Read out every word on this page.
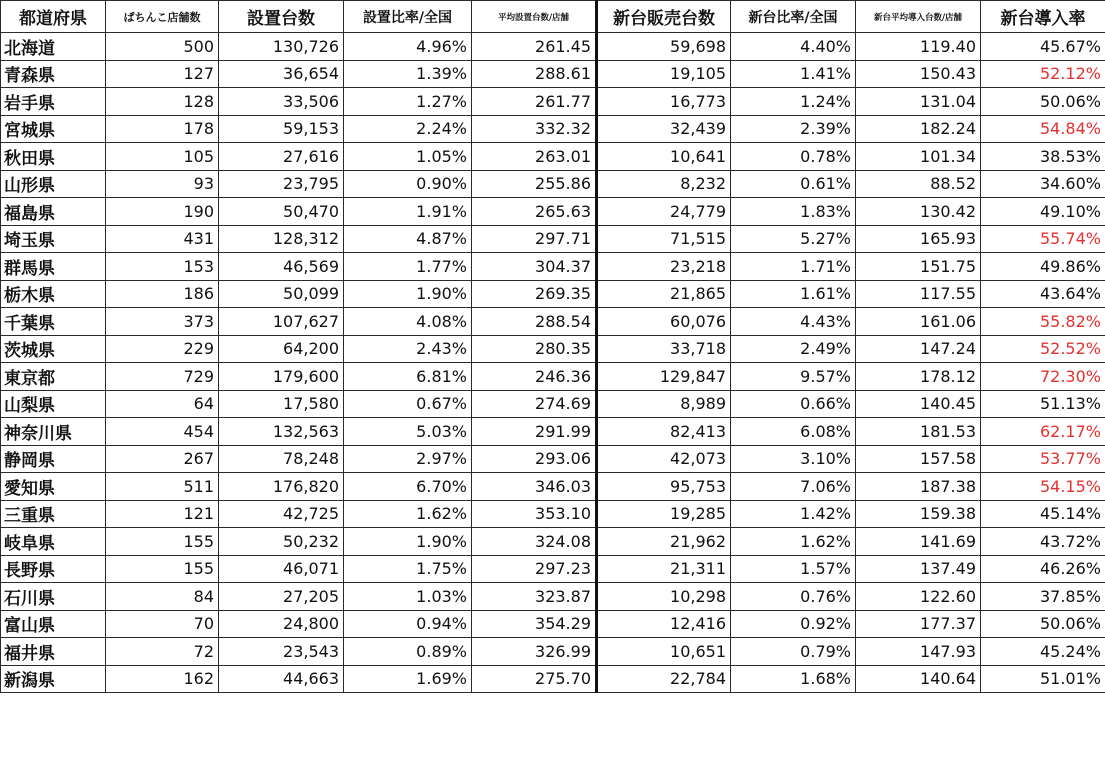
都道府県	ぱちんこ店舗数	設置台数	設置比率/全国	平均設置台数/店舗	新台販売台数	新台比率/全国	新台平均導入台数/店舗	新台導入率
北海道	500	130,726	4.96%	261.45	59,698	4.40%	119.40	45.67%
青森県	127	36,654	1.39%	288.61	19,105	1.41%	150.43	52.12%
岩手県	128	33,506	1.27%	261.77	16,773	1.24%	131.04	50.06%
宮城県	178	59,153	2.24%	332.32	32,439	2.39%	182.24	54.84%
秋田県	105	27,616	1.05%	263.01	10,641	0.78%	101.34	38.53%
山形県	93	23,795	0.90%	255.86	8,232	0.61%	88.52	34.60%
福島県	190	50,470	1.91%	265.63	24,779	1.83%	130.42	49.10%
埼玉県	431	128,312	4.87%	297.71	71,515	5.27%	165.93	55.74%
群馬県	153	46,569	1.77%	304.37	23,218	1.71%	151.75	49.86%
栃木県	186	50,099	1.90%	269.35	21,865	1.61%	117.55	43.64%
千葉県	373	107,627	4.08%	288.54	60,076	4.43%	161.06	55.82%
茨城県	229	64,200	2.43%	280.35	33,718	2.49%	147.24	52.52%
東京都	729	179,600	6.81%	246.36	129,847	9.57%	178.12	72.30%
山梨県	64	17,580	0.67%	274.69	8,989	0.66%	140.45	51.13%
神奈川県	454	132,563	5.03%	291.99	82,413	6.08%	181.53	62.17%
静岡県	267	78,248	2.97%	293.06	42,073	3.10%	157.58	53.77%
愛知県	511	176,820	6.70%	346.03	95,753	7.06%	187.38	54.15%
三重県	121	42,725	1.62%	353.10	19,285	1.42%	159.38	45.14%
岐阜県	155	50,232	1.90%	324.08	21,962	1.62%	141.69	43.72%
長野県	155	46,071	1.75%	297.23	21,311	1.57%	137.49	46.26%
石川県	84	27,205	1.03%	323.87	10,298	0.76%	122.60	37.85%
富山県	70	24,800	0.94%	354.29	12,416	0.92%	177.37	50.06%
福井県	72	23,543	0.89%	326.99	10,651	0.79%	147.93	45.24%
新潟県	162	44,663	1.69%	275.70	22,784	1.68%	140.64	51.01%
